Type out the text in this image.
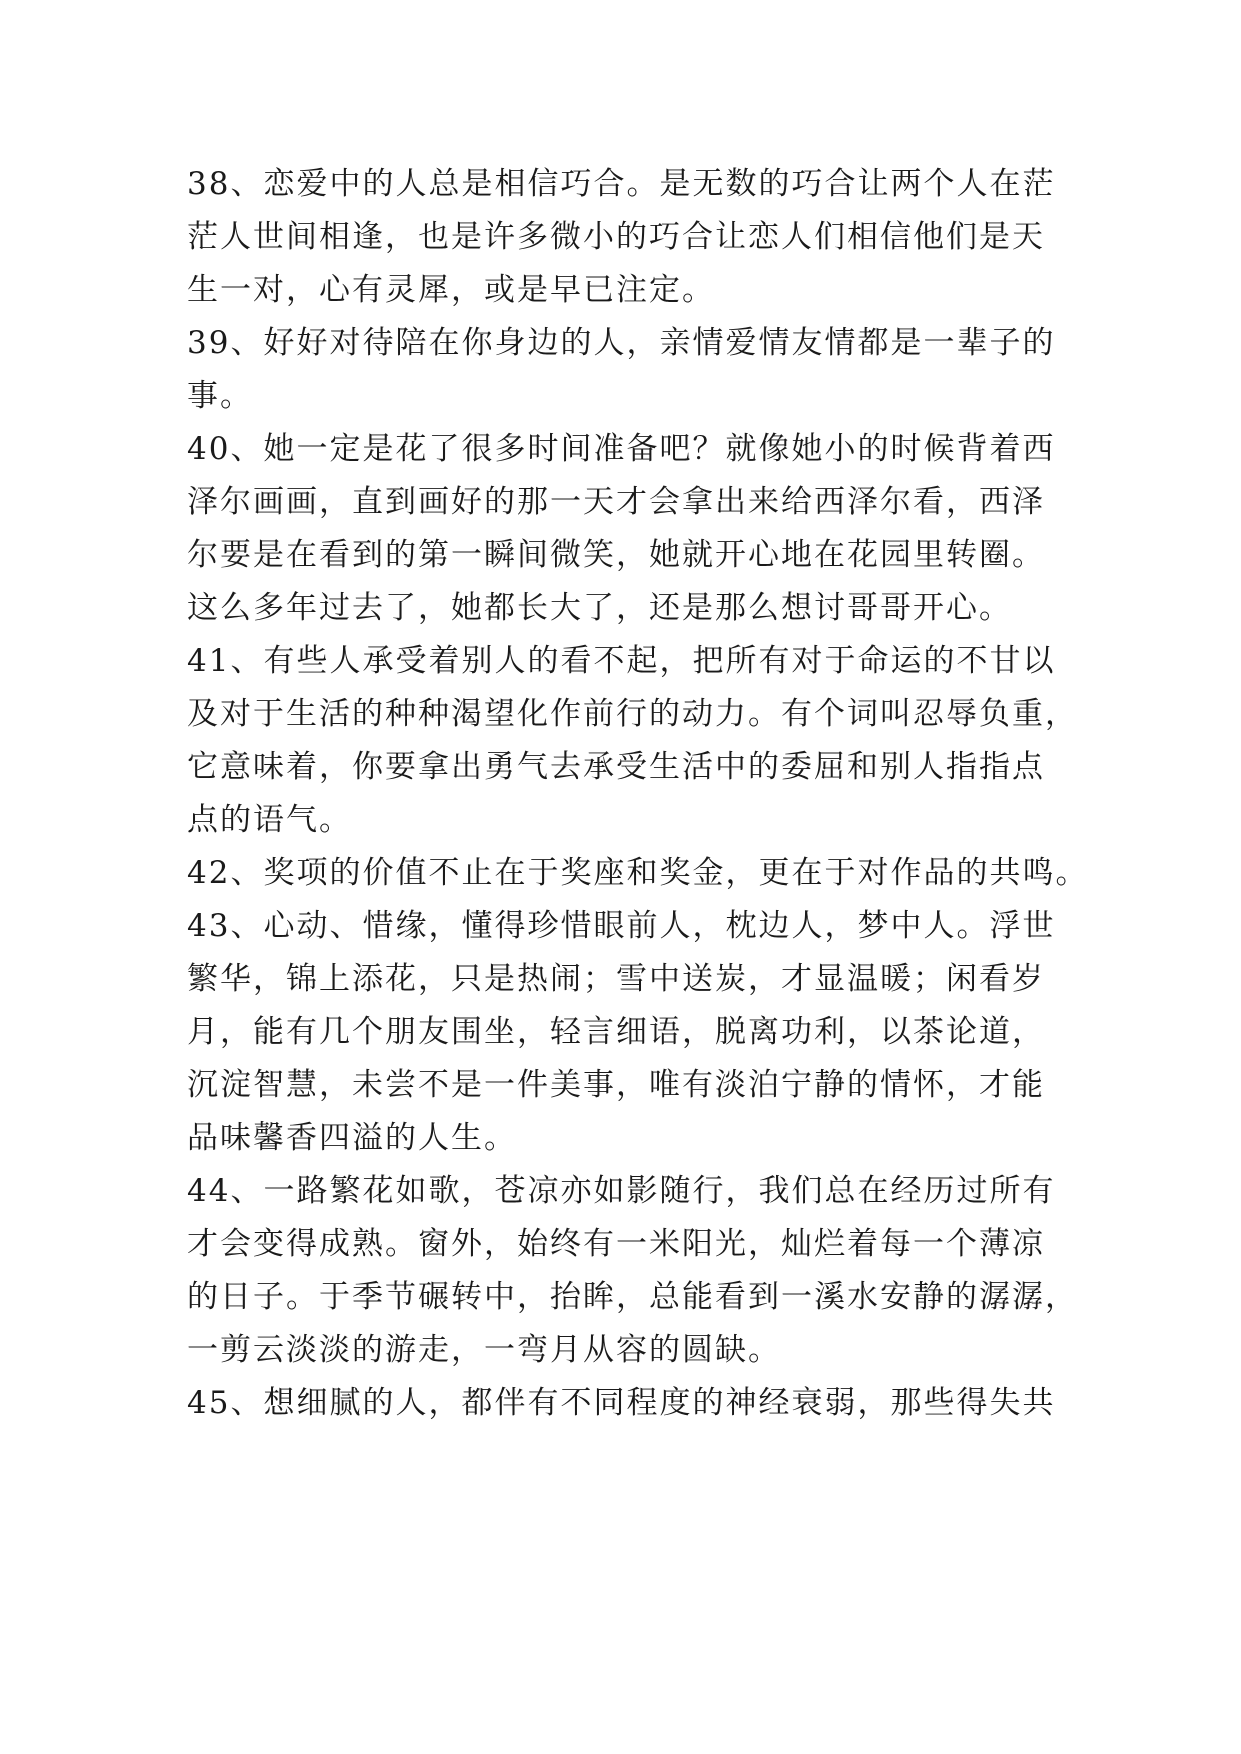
38、恋爱中的人总是相信巧合。是无数的巧合让两个人在茫
茫人世间相逢，也是许多微小的巧合让恋人们相信他们是天
生一对，心有灵犀，或是早已注定。
39、好好对待陪在你身边的人，亲情爱情友情都是一辈子的
事。
40、她一定是花了很多时间准备吧？就像她小的时候背着西
泽尔画画，直到画好的那一天才会拿出来给西泽尔看，西泽
尔要是在看到的第一瞬间微笑，她就开心地在花园里转圈。
这么多年过去了，她都长大了，还是那么想讨哥哥开心。
41、有些人承受着别人的看不起，把所有对于命运的不甘以
及对于生活的种种渴望化作前行的动力。有个词叫忍辱负重，
它意味着，你要拿出勇气去承受生活中的委屈和别人指指点
点的语气。
42、奖项的价值不止在于奖座和奖金，更在于对作品的共鸣。
43、心动、惜缘，懂得珍惜眼前人，枕边人，梦中人。浮世
繁华，锦上添花，只是热闹；雪中送炭，才显温暖；闲看岁
月，能有几个朋友围坐，轻言细语，脱离功利，以茶论道，
沉淀智慧，未尝不是一件美事，唯有淡泊宁静的情怀，才能
品味馨香四溢的人生。
44、一路繁花如歌，苍凉亦如影随行，我们总在经历过所有
才会变得成熟。窗外，始终有一米阳光，灿烂着每一个薄凉
的日子。于季节碾转中，抬眸，总能看到一溪水安静的潺潺，
一剪云淡淡的游走，一弯月从容的圆缺。
45、想细腻的人，都伴有不同程度的神经衰弱，那些得失共
